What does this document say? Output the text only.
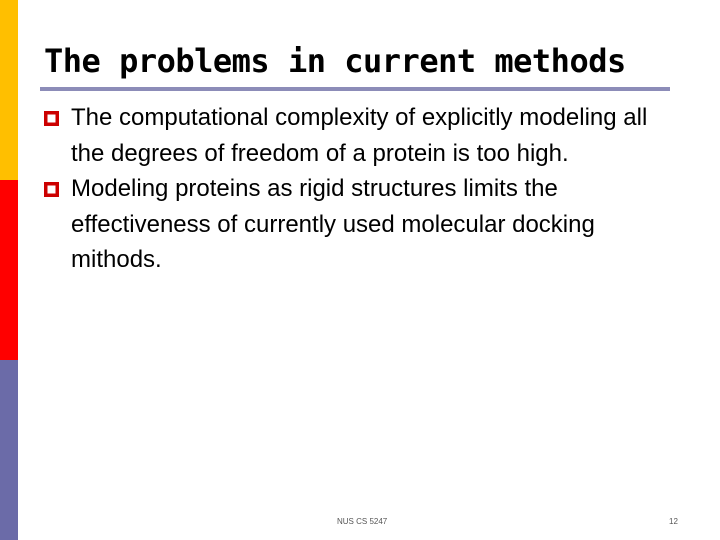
The problems in current methods
The computational complexity of explicitly modeling all the degrees of freedom of a protein is too high.
Modeling proteins as rigid structures limits the effectiveness of currently used molecular docking mithods.
NUS CS 5247	12
